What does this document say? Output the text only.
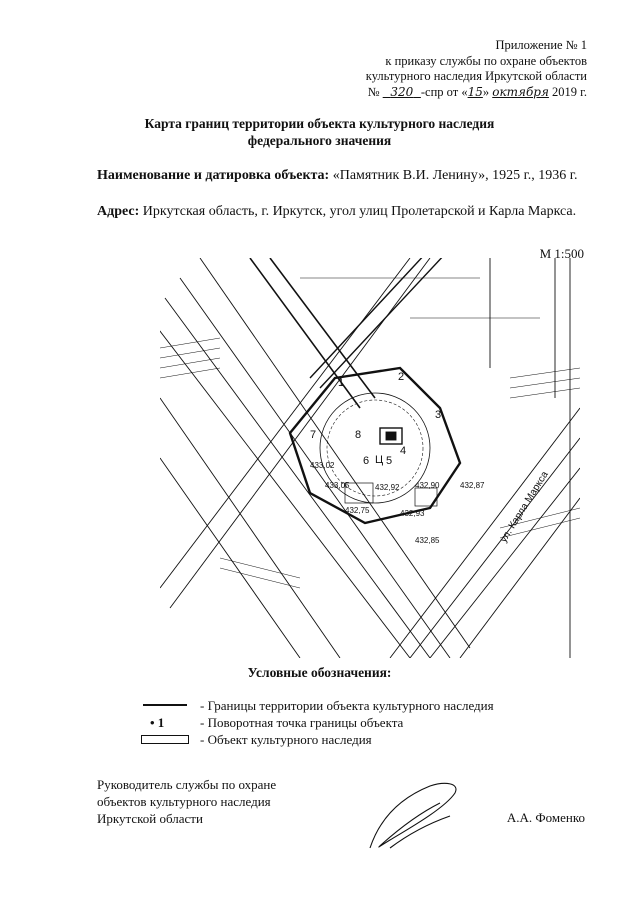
Приложение № 1
к приказу службы по охране объектов
культурного наследия Иркутской области
№ 320 -спр от «15» октября 2019 г.
Карта границ территории объекта культурного наследия
федерального значения
Наименование и датировка объекта: «Памятник В.И. Ленину», 1925 г., 1936 г.
Адрес: Иркутская область, г. Иркутск, угол улиц Пролетарской и Карла Маркса.
М 1:500
ул. Карла Маркса
Ц
1	2
3
4
5
6
7	8
432,92
432,93
432,90
433,02
433,05	432,87
432,85
432,75
Условные обозначения:
- Границы территории объекта культурного наследия
• 1	- Поворотная точка границы объекта
- Объект культурного наследия
Руководитель службы по охране
объектов культурного наследия
Иркутской области	А.А. Фоменко
